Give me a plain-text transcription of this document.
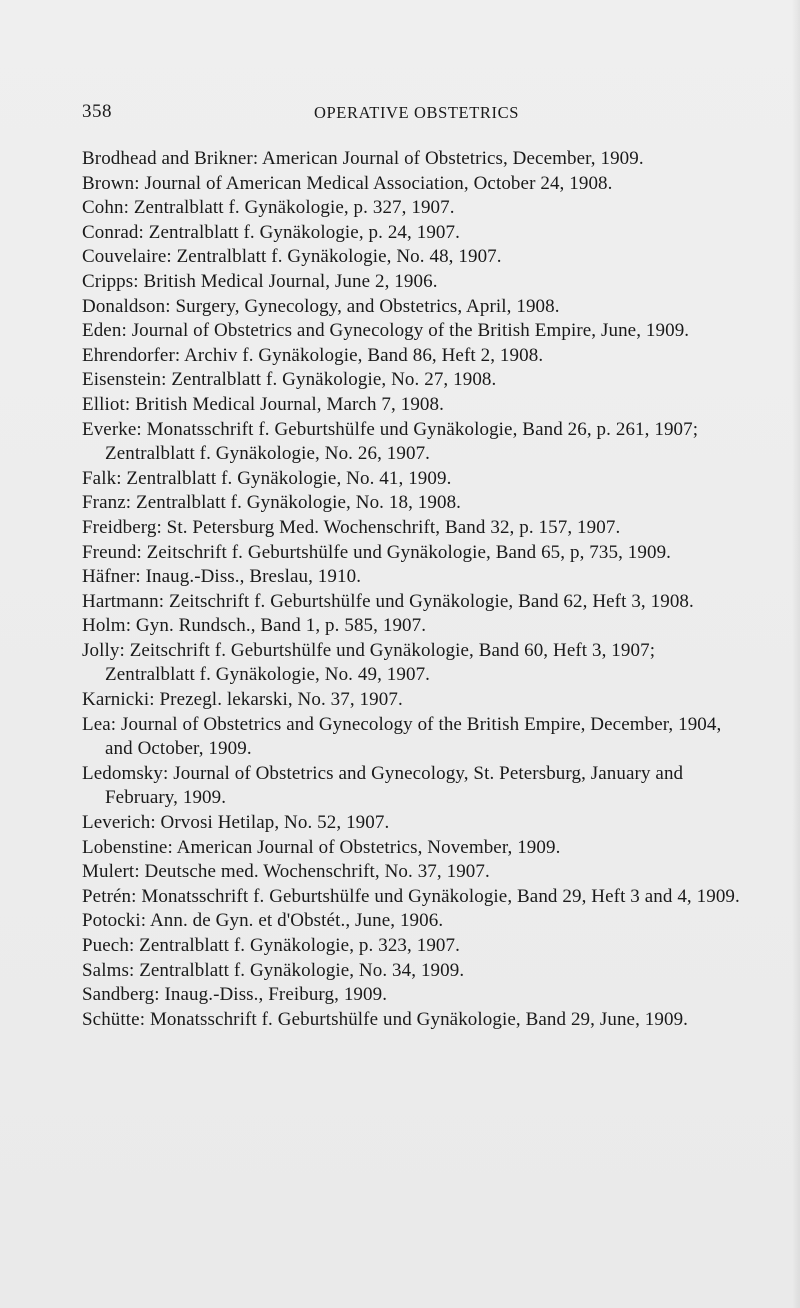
358	OPERATIVE OBSTETRICS
Brodhead and Brikner: American Journal of Obstetrics, December, 1909.
Brown: Journal of American Medical Association, October 24, 1908.
Cohn: Zentralblatt f. Gynäkologie, p. 327, 1907.
Conrad: Zentralblatt f. Gynäkologie, p. 24, 1907.
Couvelaire: Zentralblatt f. Gynäkologie, No. 48, 1907.
Cripps: British Medical Journal, June 2, 1906.
Donaldson: Surgery, Gynecology, and Obstetrics, April, 1908.
Eden: Journal of Obstetrics and Gynecology of the British Empire, June, 1909.
Ehrendorfer: Archiv f. Gynäkologie, Band 86, Heft 2, 1908.
Eisenstein: Zentralblatt f. Gynäkologie, No. 27, 1908.
Elliot: British Medical Journal, March 7, 1908.
Everke: Monatsschrift f. Geburtshülfe und Gynäkologie, Band 26, p. 261, 1907; Zentralblatt f. Gynäkologie, No. 26, 1907.
Falk: Zentralblatt f. Gynäkologie, No. 41, 1909.
Franz: Zentralblatt f. Gynäkologie, No. 18, 1908.
Freidberg: St. Petersburg Med. Wochenschrift, Band 32, p. 157, 1907.
Freund: Zeitschrift f. Geburtshülfe und Gynäkologie, Band 65, p, 735, 1909.
Häfner: Inaug.-Diss., Breslau, 1910.
Hartmann: Zeitschrift f. Geburtshülfe und Gynäkologie, Band 62, Heft 3, 1908.
Holm: Gyn. Rundsch., Band 1, p. 585, 1907.
Jolly: Zeitschrift f. Geburtshülfe und Gynäkologie, Band 60, Heft 3, 1907; Zentralblatt f. Gynäkologie, No. 49, 1907.
Karnicki: Prezegl. lekarski, No. 37, 1907.
Lea: Journal of Obstetrics and Gynecology of the British Empire, December, 1904, and October, 1909.
Ledomsky: Journal of Obstetrics and Gynecology, St. Petersburg, January and February, 1909.
Leverich: Orvosi Hetilap, No. 52, 1907.
Lobenstine: American Journal of Obstetrics, November, 1909.
Mulert: Deutsche med. Wochenschrift, No. 37, 1907.
Petrén: Monatsschrift f. Geburtshülfe und Gynäkologie, Band 29, Heft 3 and 4, 1909.
Potocki: Ann. de Gyn. et d'Obstét., June, 1906.
Puech: Zentralblatt f. Gynäkologie, p. 323, 1907.
Salms: Zentralblatt f. Gynäkologie, No. 34, 1909.
Sandberg: Inaug.-Diss., Freiburg, 1909.
Schütte: Monatsschrift f. Geburtshülfe und Gynäkologie, Band 29, June, 1909.
